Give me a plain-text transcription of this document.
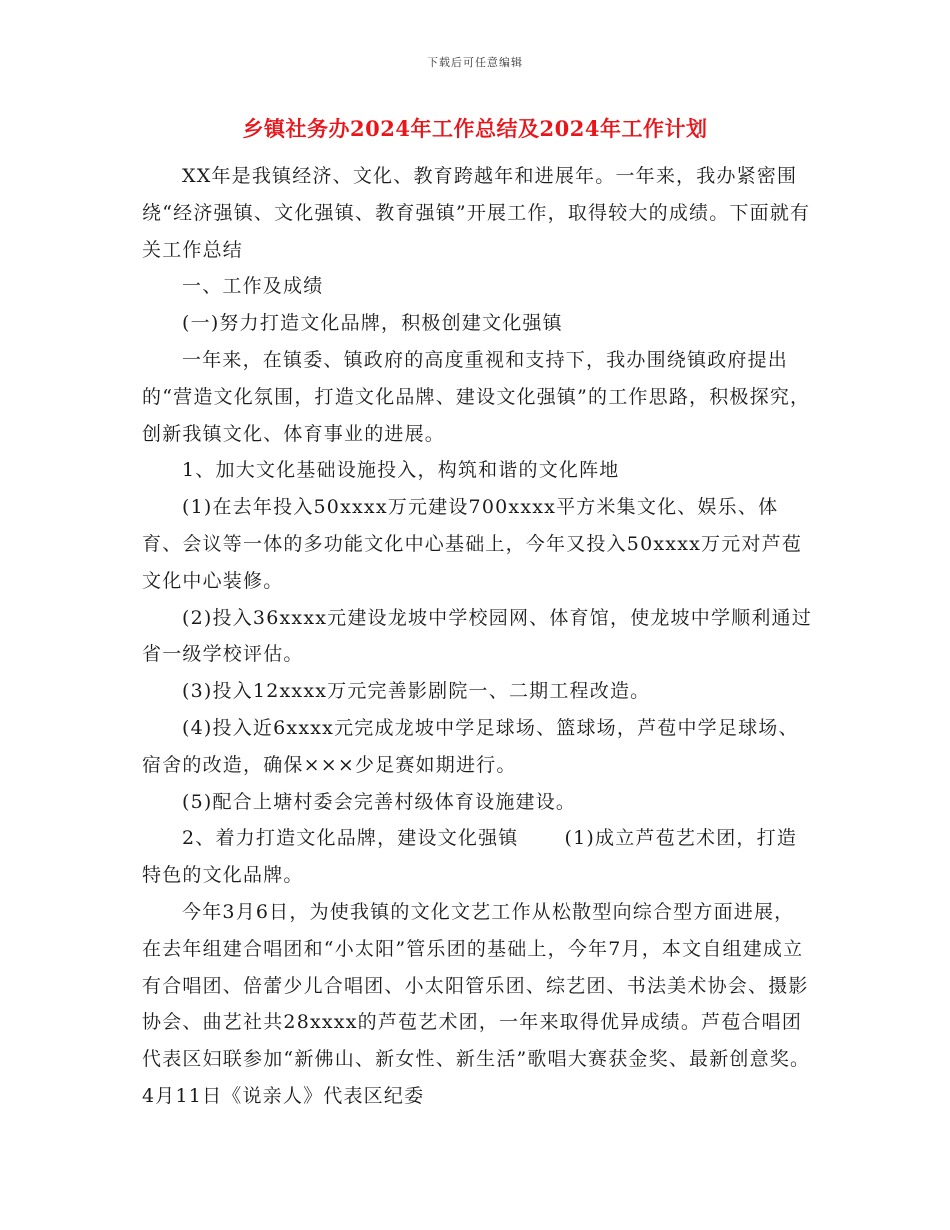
下载后可任意编辑
乡镇社务办2024年工作总结及2024年工作计划

XX年是我镇经济、文化、教育跨越年和进展年。一年来，我办紧密围绕“经济强镇、文化强镇、教育强镇”开展工作，取得较大的成绩。下面就有关工作总结

一、工作及成绩

(一)努力打造文化品牌，积极创建文化强镇

一年来，在镇委、镇政府的高度重视和支持下，我办围绕镇政府提出的“营造文化氛围，打造文化品牌、建设文化强镇”的工作思路，积极探究，创新我镇文化、体育事业的进展。

1、加大文化基础设施投入，构筑和谐的文化阵地

(1)在去年投入50xxxx万元建设700xxxx平方米集文化、娱乐、体育、会议等一体的多功能文化中心基础上，今年又投入50xxxx万元对芦苞文化中心装修。

(2)投入36xxxx元建设龙坡中学校园网、体育馆，使龙坡中学顺利通过省一级学校评估。

(3)投入12xxxx万元完善影剧院一、二期工程改造。

(4)投入近6xxxx元完成龙坡中学足球场、篮球场，芦苞中学足球场、宿舍的改造，确保×××少足赛如期进行。

(5)配合上塘村委会完善村级体育设施建设。

2、着力打造文化品牌，建设文化强镇 (1)成立芦苞艺术团，打造特色的文化品牌。

今年3月6日，为使我镇的文化文艺工作从松散型向综合型方面进展，在去年组建合唱团和“小太阳”管乐团的基础上，今年7月，本文自组建成立有合唱团、倍蕾少儿合唱团、小太阳管乐团、综艺团、书法美术协会、摄影协会、曲艺社共28xxxx的芦苞艺术团，一年来取得优异成绩。芦苞合唱团代表区妇联参加“新佛山、新女性、新生活”歌唱大赛获金奖、最新创意奖。4月11日《说亲人》代表区纪委
